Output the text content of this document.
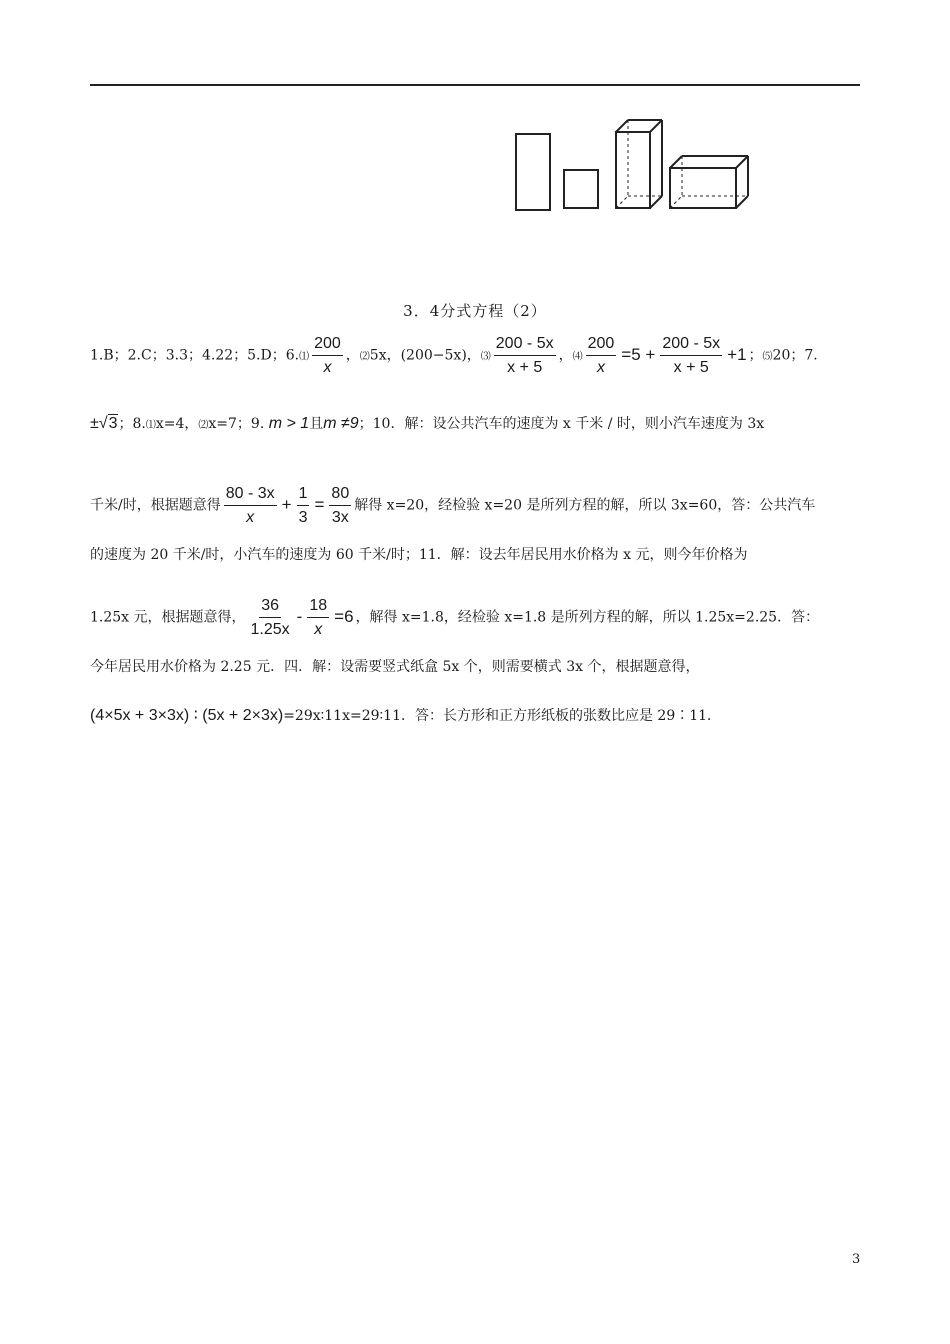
3．4分式方程（2）
1.B；2.C；3.3；4.22；5.D；6.⑴ $\frac{200}{x}$ ，⑵5x，(200−5x)，⑶ $\frac{200 - 5x}{x + 5}$ ，⑷ $\frac{200}{x} =5 + \frac{200 - 5x}{x + 5} +1$ ；⑸20；7.
±√3；8.⑴x=4，⑵x=7；9. m > 1且m ≠9；10．解：设公共汽车的速度为 x 千米 / 时，则小汽车速度为 3x
千米/时，根据题意得 $\frac{80 - 3x}{x} + \frac{1}{3} = \frac{80}{3x}$ 解得 x=20，经检验 x=20 是所列方程的解，所以 3x=60，答：公共汽车
的速度为 20 千米/时，小汽车的速度为 60 千米/时；11．解：设去年居民用水价格为 x 元，则今年价格为
1.25x 元，根据题意得， $\frac{36}{1.25x} - \frac{18}{x} =6$ ，解得 x=1.8，经检验 x=1.8 是所列方程的解，所以 1.25x=2.25．答：
今年居民用水价格为 2.25 元．四．解：设需要竖式纸盒 5x 个，则需要横式 3x 个，根据题意得，
(4×5x + 3×3x) ∶ (5x + 2×3x)=29x∶11x=29∶11．答：长方形和正方形纸板的张数比应是 29∶11．
3
